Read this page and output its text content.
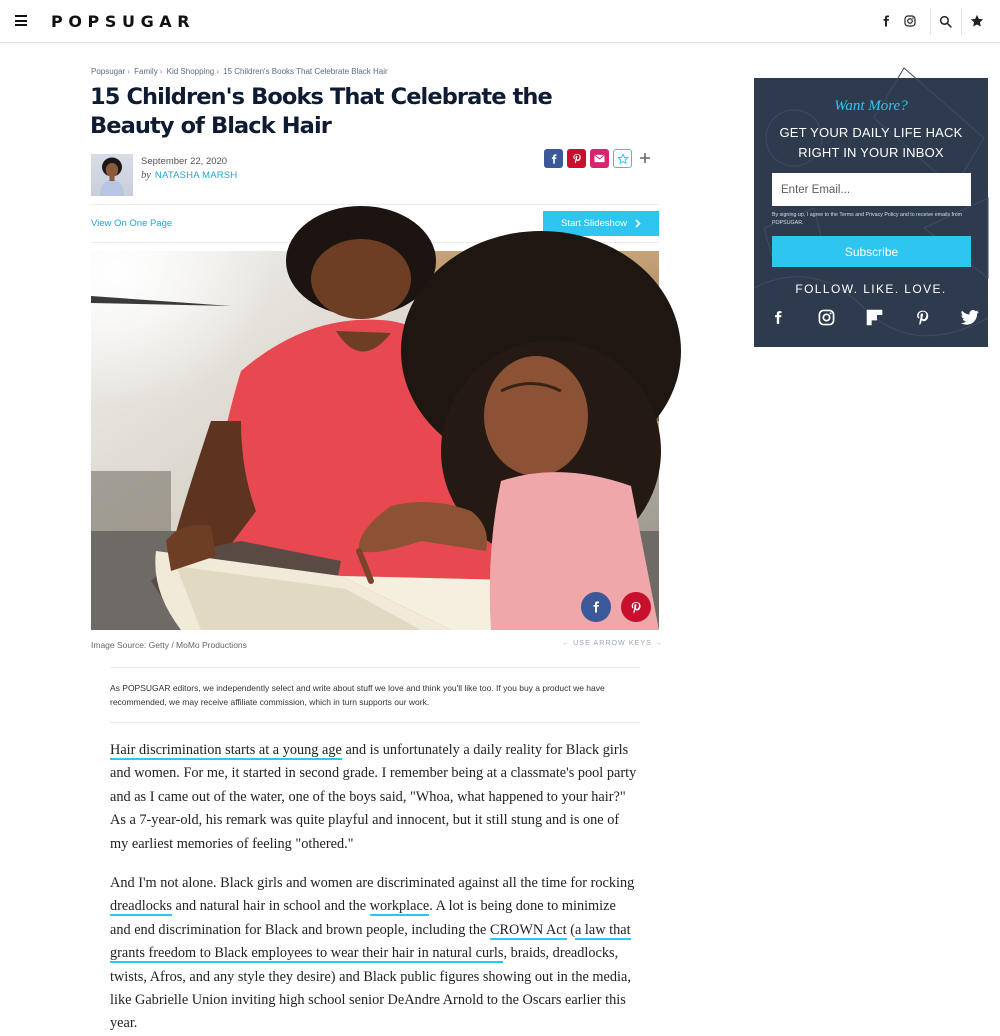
POPSUGAR
Popsugar › Family › Kid Shopping › 15 Children's Books That Celebrate Black Hair
15 Children's Books That Celebrate the Beauty of Black Hair
September 22, 2020
by NATASHA MARSH
View On One Page	Start Slideshow
Image Source: Getty / MoMo Productions	← USE ARROW KEYS →

As POPSUGAR editors, we independently select and write about stuff we love and think you'll like too. If you buy a product we have recommended, we may receive affiliate commission, which in turn supports our work.

Hair discrimination starts at a young age and is unfortunately a daily reality for Black girls and women. For me, it started in second grade. I remember being at a classmate's pool party and as I came out of the water, one of the boys said, "Whoa, what happened to your hair?" As a 7-year-old, his remark was quite playful and innocent, but it still stung and is one of my earliest memories of feeling "othered."

And I'm not alone. Black girls and women are discriminated against all the time for rocking dreadlocks and natural hair in school and the workplace. A lot is being done to minimize and end discrimination for Black and brown people, including the CROWN Act (a law that grants freedom to Black employees to wear their hair in natural curls, braids, dreadlocks, twists, Afros, and any style they desire) and Black public figures showing out in the media, like Gabrielle Union inviting high school senior DeAndre Arnold to the Oscars earlier this year.

Want More?
GET YOUR DAILY LIFE HACK
RIGHT IN YOUR INBOX
Enter Email...
By signing up, I agree to the Terms and Privacy Policy and to receive emails from POPSUGAR.
Subscribe
FOLLOW. LIKE. LOVE.
